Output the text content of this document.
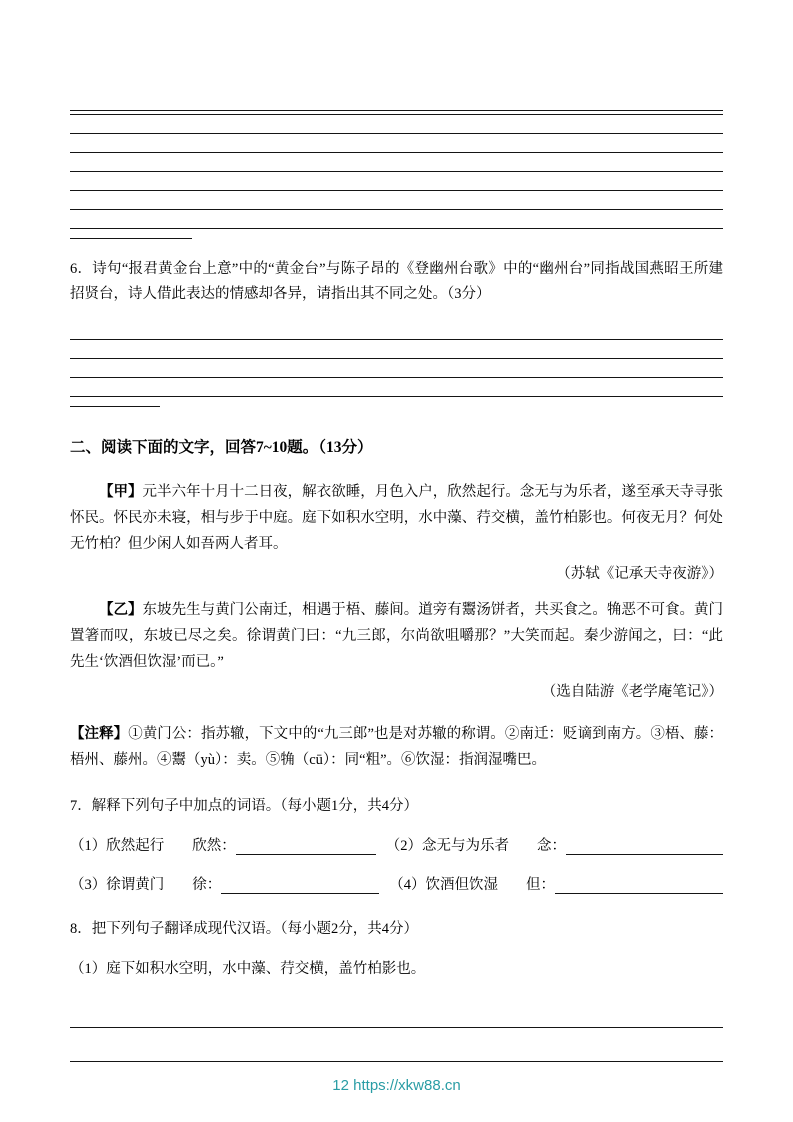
6．诗句“报君黄金台上意”中的“黄金台”与陈子昂的《登幽州台歌》中的“幽州台”同指战国燕昭王所建招贤台，诗人借此表达的情感却各异，请指出其不同之处。（3分）

二、阅读下面的文字，回答7~10题。（13分）

【甲】元半六年十月十二日夜，解衣欲睡，月色入户，欣然起行。念无与为乐者，遂至承天寺寻张怀民。怀民亦未寝，相与步于中庭。庭下如积水空明，水中藻、荇交横，盖竹柏影也。何夜无月？何处无竹柏？但少闲人如吾两人者耳。

（苏轼《记承天寺夜游》）

【乙】东坡先生与黄门公南迁，相遇于梧、藤间。道旁有鬻汤饼者，共买食之。觕恶不可食。黄门置箸而叹，东坡已尽之矣。徐谓黄门曰：“九三郎，尔尚欲咀嚼那？”大笑而起。秦少游闻之，曰：“此先生‘饮酒但饮湿’而已。”

（选自陆游《老学庵笔记》）

【注释】①黄门公：指苏辙，下文中的“九三郎”也是对苏辙的称谓。②南迁：贬谪到南方。③梧、藤：梧州、藤州。④鬻（yù）：卖。⑤觕（cū）：同“粗”。⑥饮湿：指润湿嘴巴。

7．解释下列句子中加点的词语。（每小题1分，共4分）

（1）欣然起行 欣然：	（2）念无与为乐者 念：
（3）徐谓黄门 徐：	（4）饮酒但饮湿 但：

8．把下列句子翻译成现代汉语。（每小题2分，共4分）

（1）庭下如积水空明，水中藻、荇交横，盖竹柏影也。

12 https://xkw88.cn
